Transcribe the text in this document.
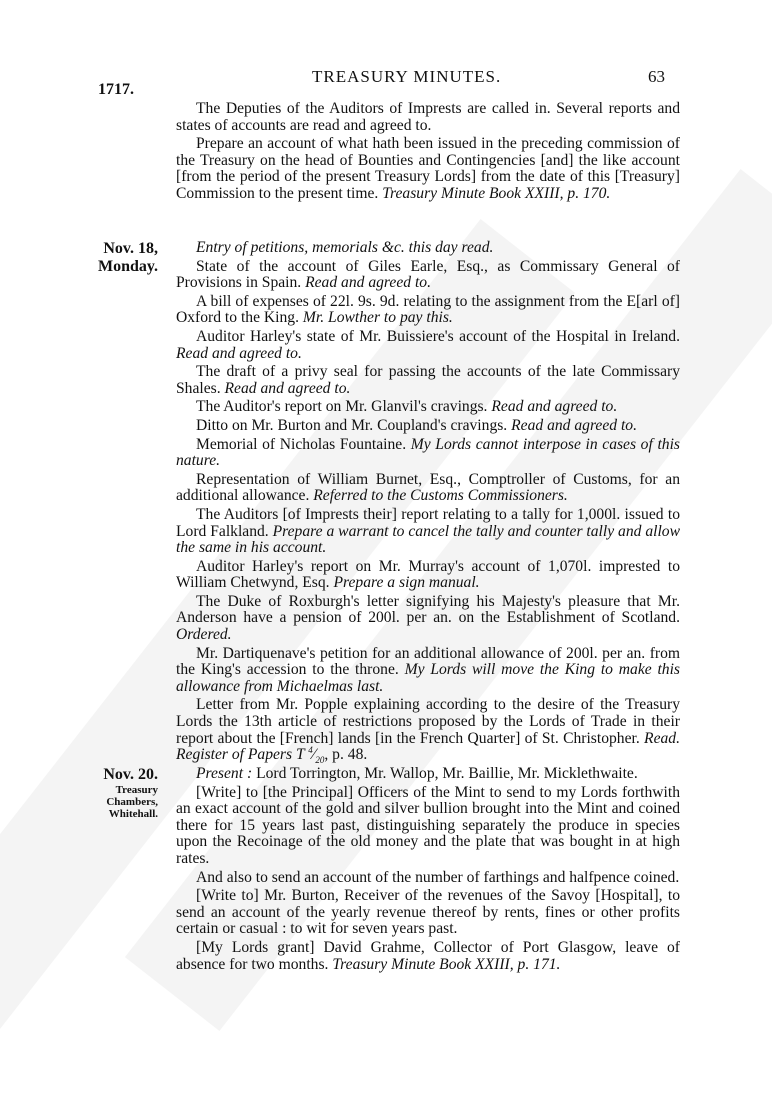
1717.
TREASURY MINUTES.	63

The Deputies of the Auditors of Imprests are called in. Several reports and states of accounts are read and agreed to.

Prepare an account of what hath been issued in the preceding commission of the Treasury on the head of Bounties and Contingencies [and] the like account [from the period of the present Treasury Lords] from the date of this [Treasury] Commission to the present time. Treasury Minute Book XXIII, p. 170.

Nov. 18,
Monday.

Entry of petitions, memorials &c. this day read.

State of the account of Giles Earle, Esq., as Commissary General of Provisions in Spain. Read and agreed to.

A bill of expenses of 22l. 9s. 9d. relating to the assignment from the E[arl of] Oxford to the King. Mr. Lowther to pay this.

Auditor Harley's state of Mr. Buissiere's account of the Hospital in Ireland. Read and agreed to.

The draft of a privy seal for passing the accounts of the late Commissary Shales. Read and agreed to.

The Auditor's report on Mr. Glanvil's cravings. Read and agreed to.

Ditto on Mr. Burton and Mr. Coupland's cravings. Read and agreed to.

Memorial of Nicholas Fountaine. My Lords cannot interpose in cases of this nature.

Representation of William Burnet, Esq., Comptroller of Customs, for an additional allowance. Referred to the Customs Commissioners.

The Auditors [of Imprests their] report relating to a tally for 1,000l. issued to Lord Falkland. Prepare a warrant to cancel the tally and counter tally and allow the same in his account.

Auditor Harley's report on Mr. Murray's account of 1,070l. imprested to William Chetwynd, Esq. Prepare a sign manual.

The Duke of Roxburgh's letter signifying his Majesty's pleasure that Mr. Anderson have a pension of 200l. per an. on the Establishment of Scotland. Ordered.

Mr. Dartiquenave's petition for an additional allowance of 200l. per an. from the King's accession to the throne. My Lords will move the King to make this allowance from Michaelmas last.

Letter from Mr. Popple explaining according to the desire of the Treasury Lords the 13th article of restrictions proposed by the Lords of Trade in their report about the [French] lands [in the French Quarter] of St. Christopher. Read. Register of Papers T $^4⁄_{20}$, p. 48.

Nov. 20.
Treasury
Chambers,
Whitehall.

Present : Lord Torrington, Mr. Wallop, Mr. Baillie, Mr. Micklethwaite.

[Write] to [the Principal] Officers of the Mint to send to my Lords forthwith an exact account of the gold and silver bullion brought into the Mint and coined there for 15 years last past, distinguishing separately the produce in species upon the Recoinage of the old money and the plate that was bought in at high rates.

And also to send an account of the number of farthings and halfpence coined.

[Write to] Mr. Burton, Receiver of the revenues of the Savoy [Hospital], to send an account of the yearly revenue thereof by rents, fines or other profits certain or casual : to wit for seven years past.

[My Lords grant] David Grahme, Collector of Port Glasgow, leave of absence for two months. Treasury Minute Book XXIII, p. 171.
